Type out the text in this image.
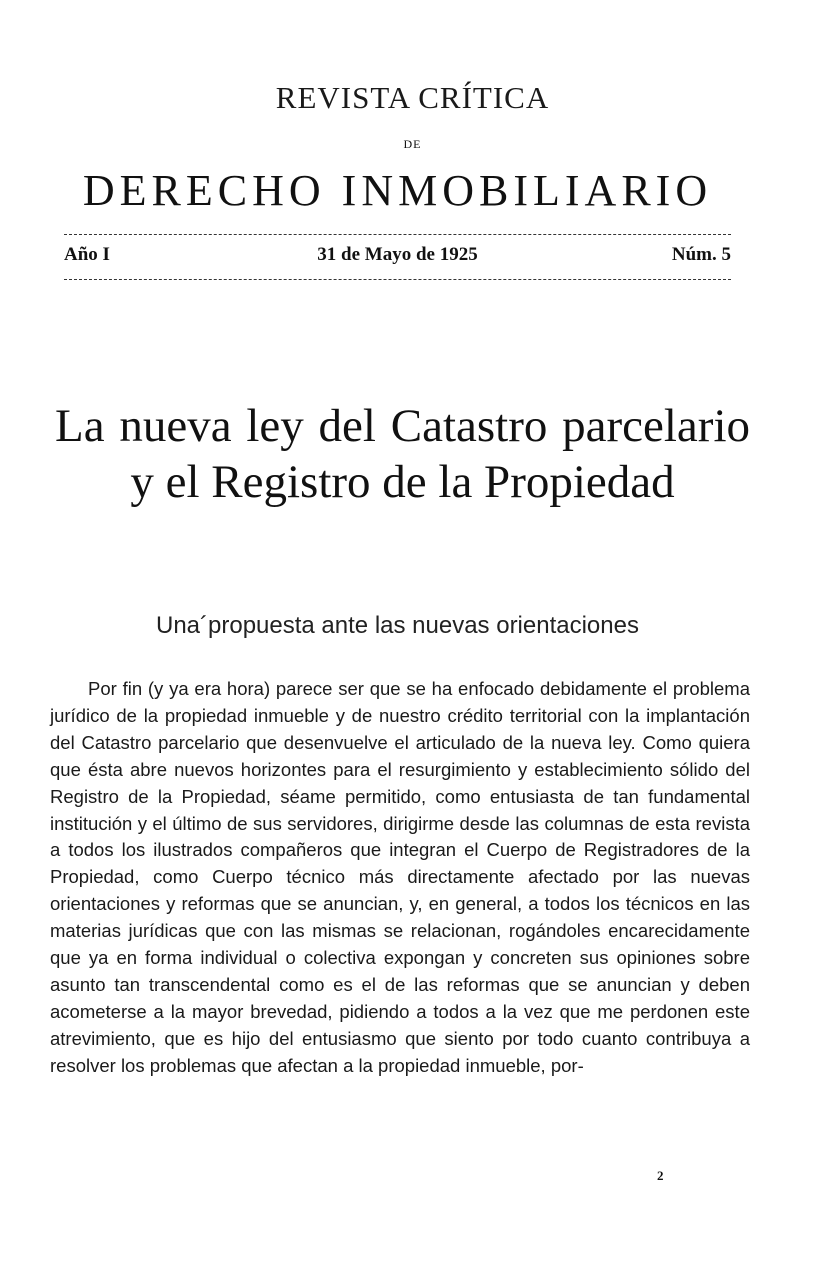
REVISTA CRÍTICA
DE
DERECHO INMOBILIARIO
Año I	31 de Mayo de 1925	Núm. 5
La nueva ley del Catastro parcelario y el Registro de la Propiedad
Una´propuesta ante las nuevas orientaciones
Por fin (y ya era hora) parece ser que se ha enfocado debidamente el problema jurídico de la propiedad inmueble y de nuestro crédito territorial con la implantación del Catastro parcelario que desenvuelve el articulado de la nueva ley. Como quiera que ésta abre nuevos horizontes para el resurgimiento y establecimiento sólido del Registro de la Propiedad, séame permitido, como entusiasta de tan fundamental institución y el último de sus servidores, dirigirme desde las columnas de esta revista a todos los ilustrados compañeros que integran el Cuerpo de Registradores de la Propiedad, como Cuerpo técnico más directamente afectado por las nuevas orientaciones y reformas que se anuncian, y, en general, a todos los técnicos en las materias jurídicas que con las mismas se relacionan, rogándoles encarecidamente que ya en forma individual o colectiva expongan y concreten sus opiniones sobre asunto tan transcendental como es el de las reformas que se anuncian y deben acometerse a la mayor brevedad, pidiendo a todos a la vez que me perdonen este atrevimiento, que es hijo del entusiasmo que siento por todo cuanto contribuya a resolver los problemas que afectan a la propiedad inmueble, por-
2
